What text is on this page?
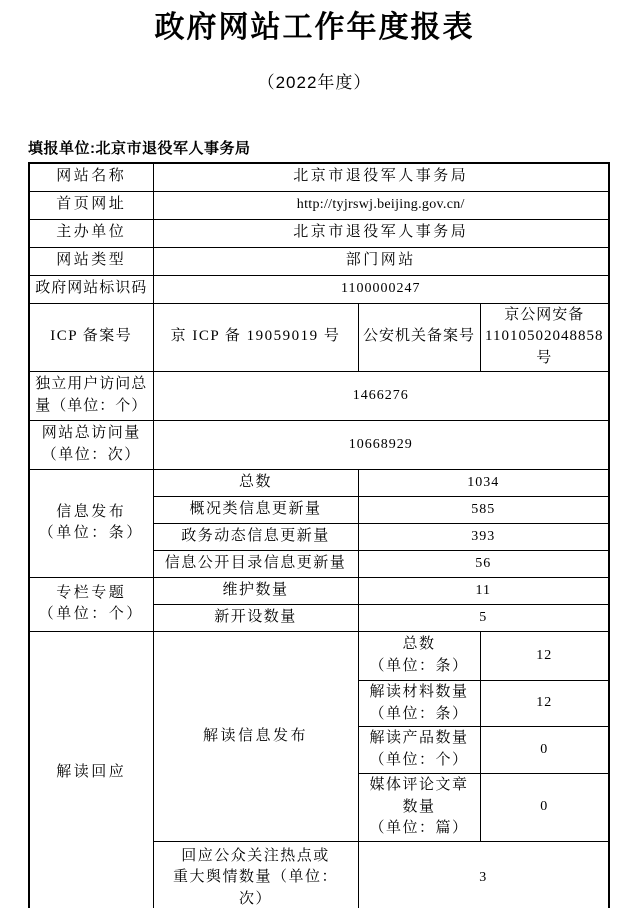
政府网站工作年度报表
（2022年度）
填报单位:北京市退役军人事务局
网站名称	北京市退役军人事务局		
首页网址	http://tyjrswj.beijing.gov.cn/		
主办单位	北京市退役军人事务局		
网站类型	部门网站		
政府网站标识码	1100000247		
ICP 备案号	京 ICP 备 19059019 号	公安机关备案号	京公网安备
11010502048858
号
独立用户访问总
量（单位：个）	1466276		
网站总访问量
（单位：次）	10668929		
信息发布
（单位：条）	总数	1034	
	概况类信息更新量	585	
	政务动态信息更新量	393	
	信息公开目录信息更新量	56	
专栏专题
（单位：个）	维护数量	11	
	新开设数量	5	
解读回应	解读信息发布	总数
（单位：条）	12
		解读材料数量
（单位：条）	12
		解读产品数量
（单位：个）	0
		媒体评论文章
数量
（单位：篇）	0
	回应公众关注热点或
重大舆情数量（单位：
次）	3	
